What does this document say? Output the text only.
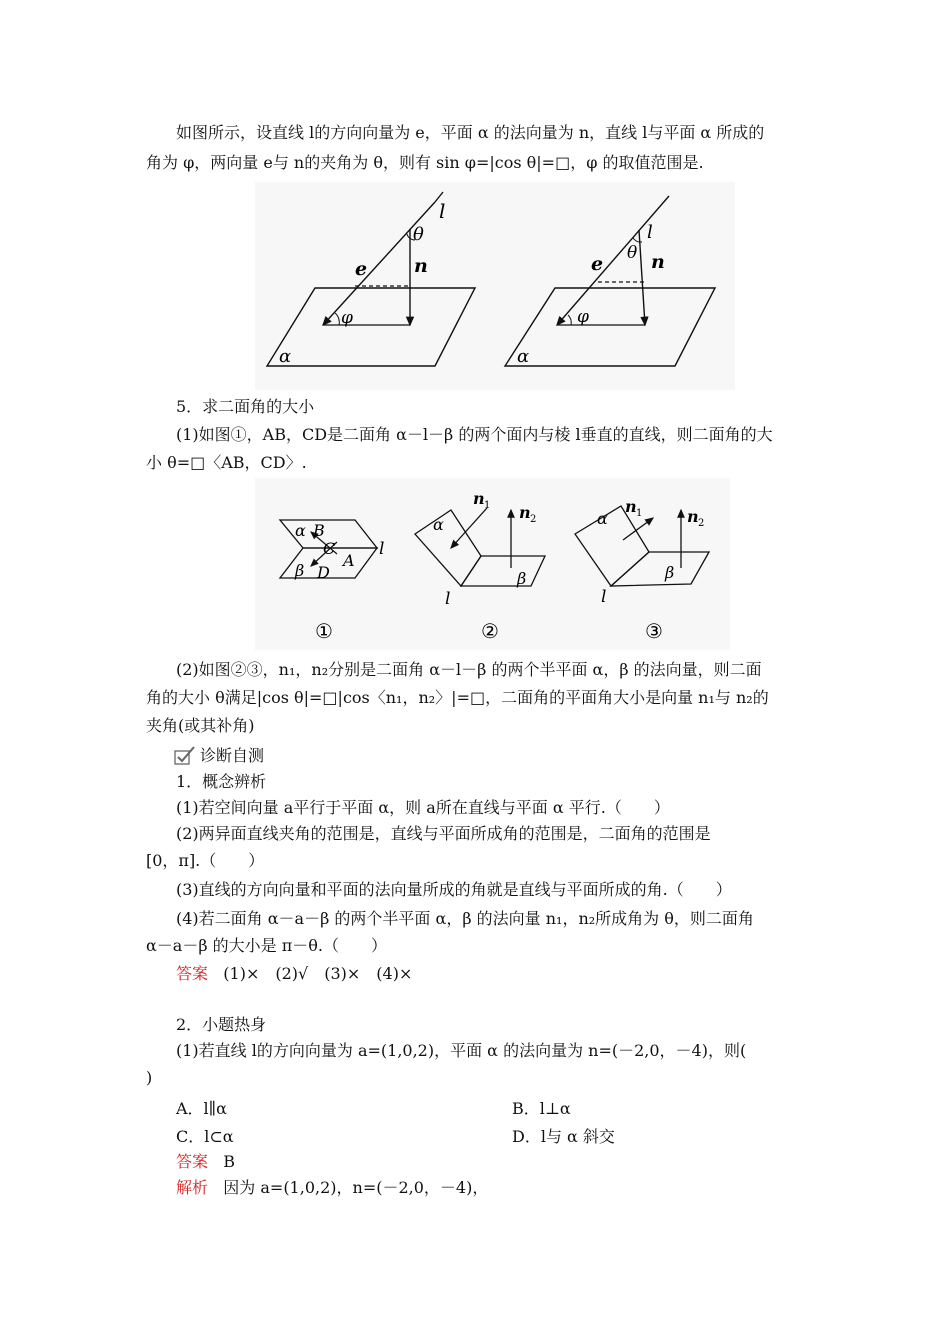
如图所示，设直线 l的方向向量为 e，平面 α 的法向量为 n，直线 l与平面 α 所成的
角为 φ，两向量 e与 n的夹角为 θ，则有 sin φ=|cos θ|=□，φ 的取值范围是.
l
θ
e n
φ
α
l
θ
e	n
φ
α
5．求二面角的大小
(1)如图①，AB，CD是二面角 α－l－β 的两个面内与棱 l垂直的直线，则二面角的大
小 θ=□〈AB，CD〉.
α B
C
β D
A
l
①
α
n 1 n 2
β
l
②
α
n 1	n 2
β
l
③
(2)如图②③，n₁，n₂分别是二面角 α－l－β 的两个半平面 α，β 的法向量，则二面
角的大小 θ满足|cos θ|=□|cos〈n₁，n₂〉|=□，二面角的平面角大小是向量 n₁与 n₂的
夹角(或其补角)
诊断自测
1．概念辨析
(1)若空间向量 a平行于平面 α，则 a所在直线与平面 α 平行.（　　）
(2)两异面直线夹角的范围是，直线与平面所成角的范围是，二面角的范围是
[0，π].（　　）
(3)直线的方向向量和平面的法向量所成的角就是直线与平面所成的角.（　　）
(4)若二面角 α－a－β 的两个半平面 α，β 的法向量 n₁，n₂所成角为 θ，则二面角
α－a－β 的大小是 π－θ.（　　）
答案 (1)×　(2)√　(3)×　(4)×
2．小题热身
(1)若直线 l的方向向量为 a=(1,0,2)，平面 α 的法向量为 n=(－2,0，－4)，则(
)
A．l∥α	B．l⊥α
C．l⊂α	D．l与 α 斜交
答案 B
解析 因为 a=(1,0,2)，n=(－2,0，－4)，
